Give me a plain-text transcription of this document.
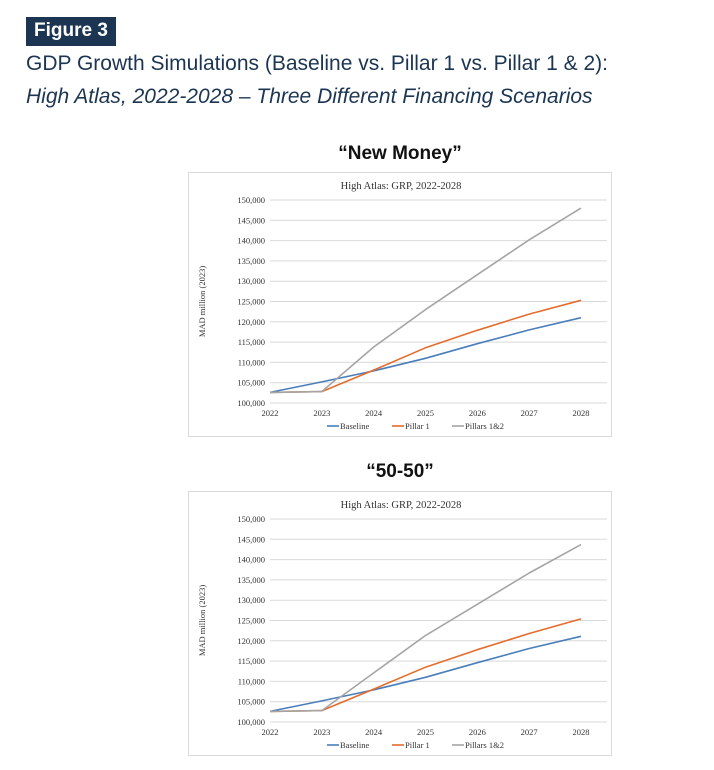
Figure 3
GDP Growth Simulations (Baseline vs. Pillar 1 vs. Pillar 1 & 2):
High Atlas, 2022-2028 – Three Different Financing Scenarios
“New Money”
High Atlas: GRP, 2022-2028
100,000
105,000
110,000
115,000
120,000
125,000
130,000
135,000
140,000
145,000
150,000
2022	2023	2024	2025	2026	2027	2028
MAD million (2023)
Baseline	Pillar 1	Pillars 1&2
“50-50”
High Atlas: GRP, 2022-2028
100,000
105,000
110,000
115,000
120,000
125,000
130,000
135,000
140,000
145,000
150,000
2022	2023	2024	2025	2026	2027	2028
MAD million (2023)
Baseline	Pillar 1	Pillars 1&2
